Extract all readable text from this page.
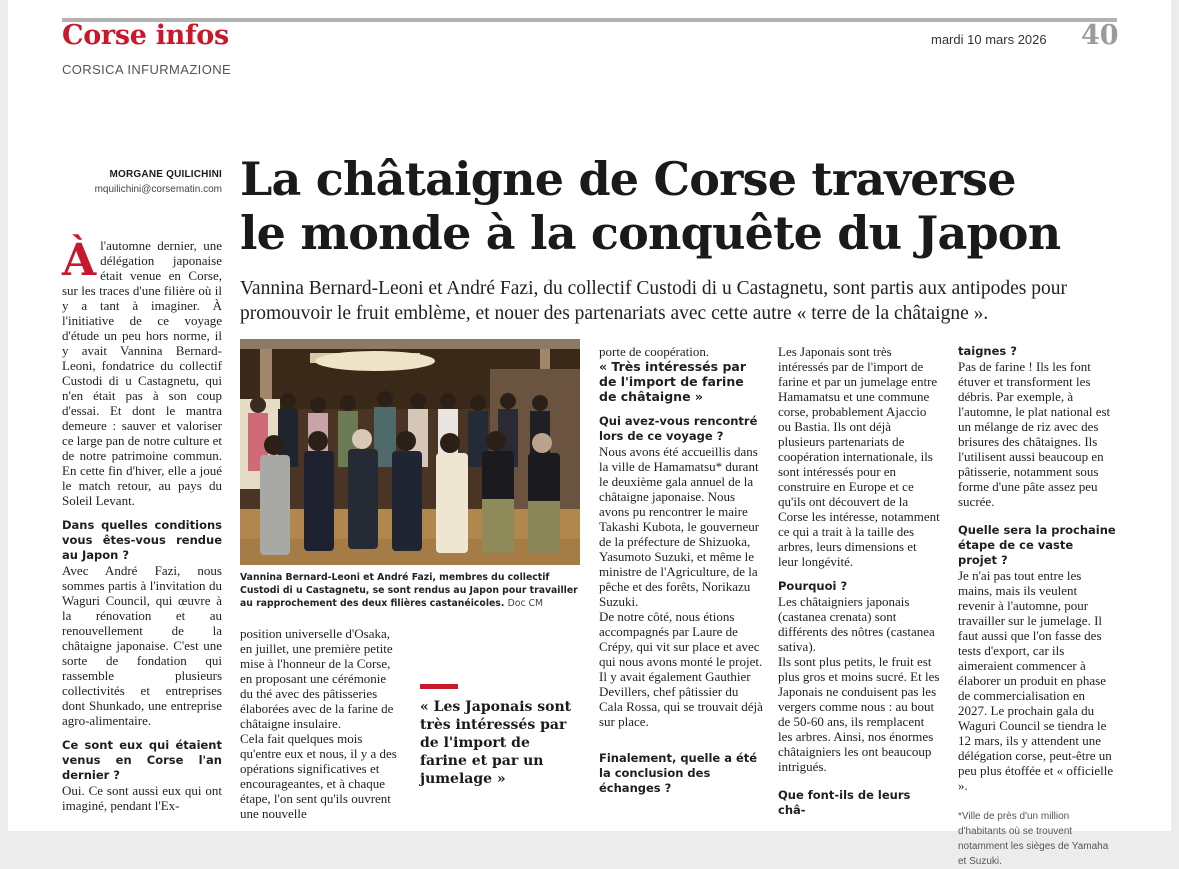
Corse infos
CORSICA INFURMAZIONE
mardi 10 mars 2026 40
MORGANE QUILICHINI
mquilichini@corsematin.com La châtaigne de Corse traverse
le monde à la conquête du Japon

Vannina Bernard-Leoni et André Fazi, du collectif Custodi di u Castagnetu, sont partis aux antipodes pour promouvoir le fruit emblème, et nouer des partenariats avec cette autre « terre de la châtaigne ».

Àl'automne dernier, une délégation japonaise était venue en Corse, sur les traces d'une filière où il y a tant à imaginer. À l'initiative de ce voyage d'étude un peu hors norme, il y avait Vannina Bernard-Leoni, fondatrice du collectif Custodi di u Castagnetu, qui n'en était pas à son coup d'essai. Et dont le mantra demeure : sauver et valoriser ce large pan de notre culture et de notre patrimoine commun. En cette fin d'hiver, elle a joué le match retour, au pays du Soleil Levant.

Dans quelles conditions vous êtes-vous rendue au Japon ?

Avec André Fazi, nous sommes partis à l'invitation du Waguri Council, qui œuvre à la rénovation et au renouvellement de la châtaigne japonaise. C'est une sorte de fondation qui rassemble plusieurs collectivités et entreprises dont Shunkado, une entreprise agro-alimentaire.

Ce sont eux qui étaient venus en Corse l'an dernier ?

Oui. Ce sont aussi eux qui ont imaginé, pendant l'Ex-

Vannina Bernard-Leoni et André Fazi, membres du collectif Custodi di u Castagnetu, se sont rendus au Japon pour travailler au rapprochement des deux filières castanéicoles. Doc CM

position universelle d'Osaka, en juillet, une première petite mise à l'honneur de la Corse, en proposant une cérémonie du thé avec des pâtisseries élaborées avec de la farine de châtaigne insulaire.

Cela fait quelques mois qu'entre eux et nous, il y a des opérations significatives et encourageantes, et à chaque étape, l'on sent qu'ils ouvrent une nouvelle

« Les Japonais sont très intéressés par de l'import de farine et par un jumelage »

porte de coopération.

« Très intéressés par de l'import de farine de châtaigne »

Qui avez-vous rencontré lors de ce voyage ?

Nous avons été accueillis dans la ville de Hamamatsu* durant le deuxième gala annuel de la châtaigne japonaise. Nous avons pu rencontrer le maire Takashi Kubota, le gouverneur de la préfecture de Shizuoka, Yasumoto Suzuki, et même le ministre de l'Agriculture, de la pêche et des forêts, Norikazu Suzuki.

De notre côté, nous étions accompagnés par Laure de Crépy, qui vit sur place et avec qui nous avons monté le projet. Il y avait également Gauthier Devillers, chef pâtissier du Cala Rossa, qui se trouvait déjà sur place.

Finalement, quelle a été la conclusion des échanges ?

Les Japonais sont très intéressés par de l'import de farine et par un jumelage entre Hamamatsu et une commune corse, probablement Ajaccio ou Bastia. Ils ont déjà plusieurs partenariats de coopération internationale, ils sont intéressés pour en construire en Europe et ce qu'ils ont découvert de la Corse les intéresse, notamment ce qui a trait à la taille des arbres, leurs dimensions et leur longévité.

Pourquoi ?

Les châtaigniers japonais (castanea crenata) sont différents des nôtres (castanea sativa).

Ils sont plus petits, le fruit est plus gros et moins sucré. Et les Japonais ne conduisent pas les vergers comme nous : au bout de 50-60 ans, ils remplacent les arbres. Ainsi, nos énormes châtaigniers les ont beaucoup intrigués.

Que font-ils de leurs châ-

taignes ?

Pas de farine ! Ils les font étuver et transforment les débris. Par exemple, à l'automne, le plat national est un mélange de riz avec des brisures des châtaignes. Ils l'utilisent aussi beaucoup en pâtisserie, notamment sous forme d'une pâte assez peu sucrée.

Quelle sera la prochaine étape de ce vaste projet ?

Je n'ai pas tout entre les mains, mais ils veulent revenir à l'automne, pour travailler sur le jumelage. Il faut aussi que l'on fasse des tests d'export, car ils aimeraient commencer à élaborer un produit en phase de commercialisation en 2027. Le prochain gala du Waguri Council se tiendra le 12 mars, ils y attendent une délégation corse, peut-être un peu plus étoffée et « officielle ».

*Ville de près d'un million d'habitants où se trouvent notamment les sièges de Yamaha et Suzuki.
